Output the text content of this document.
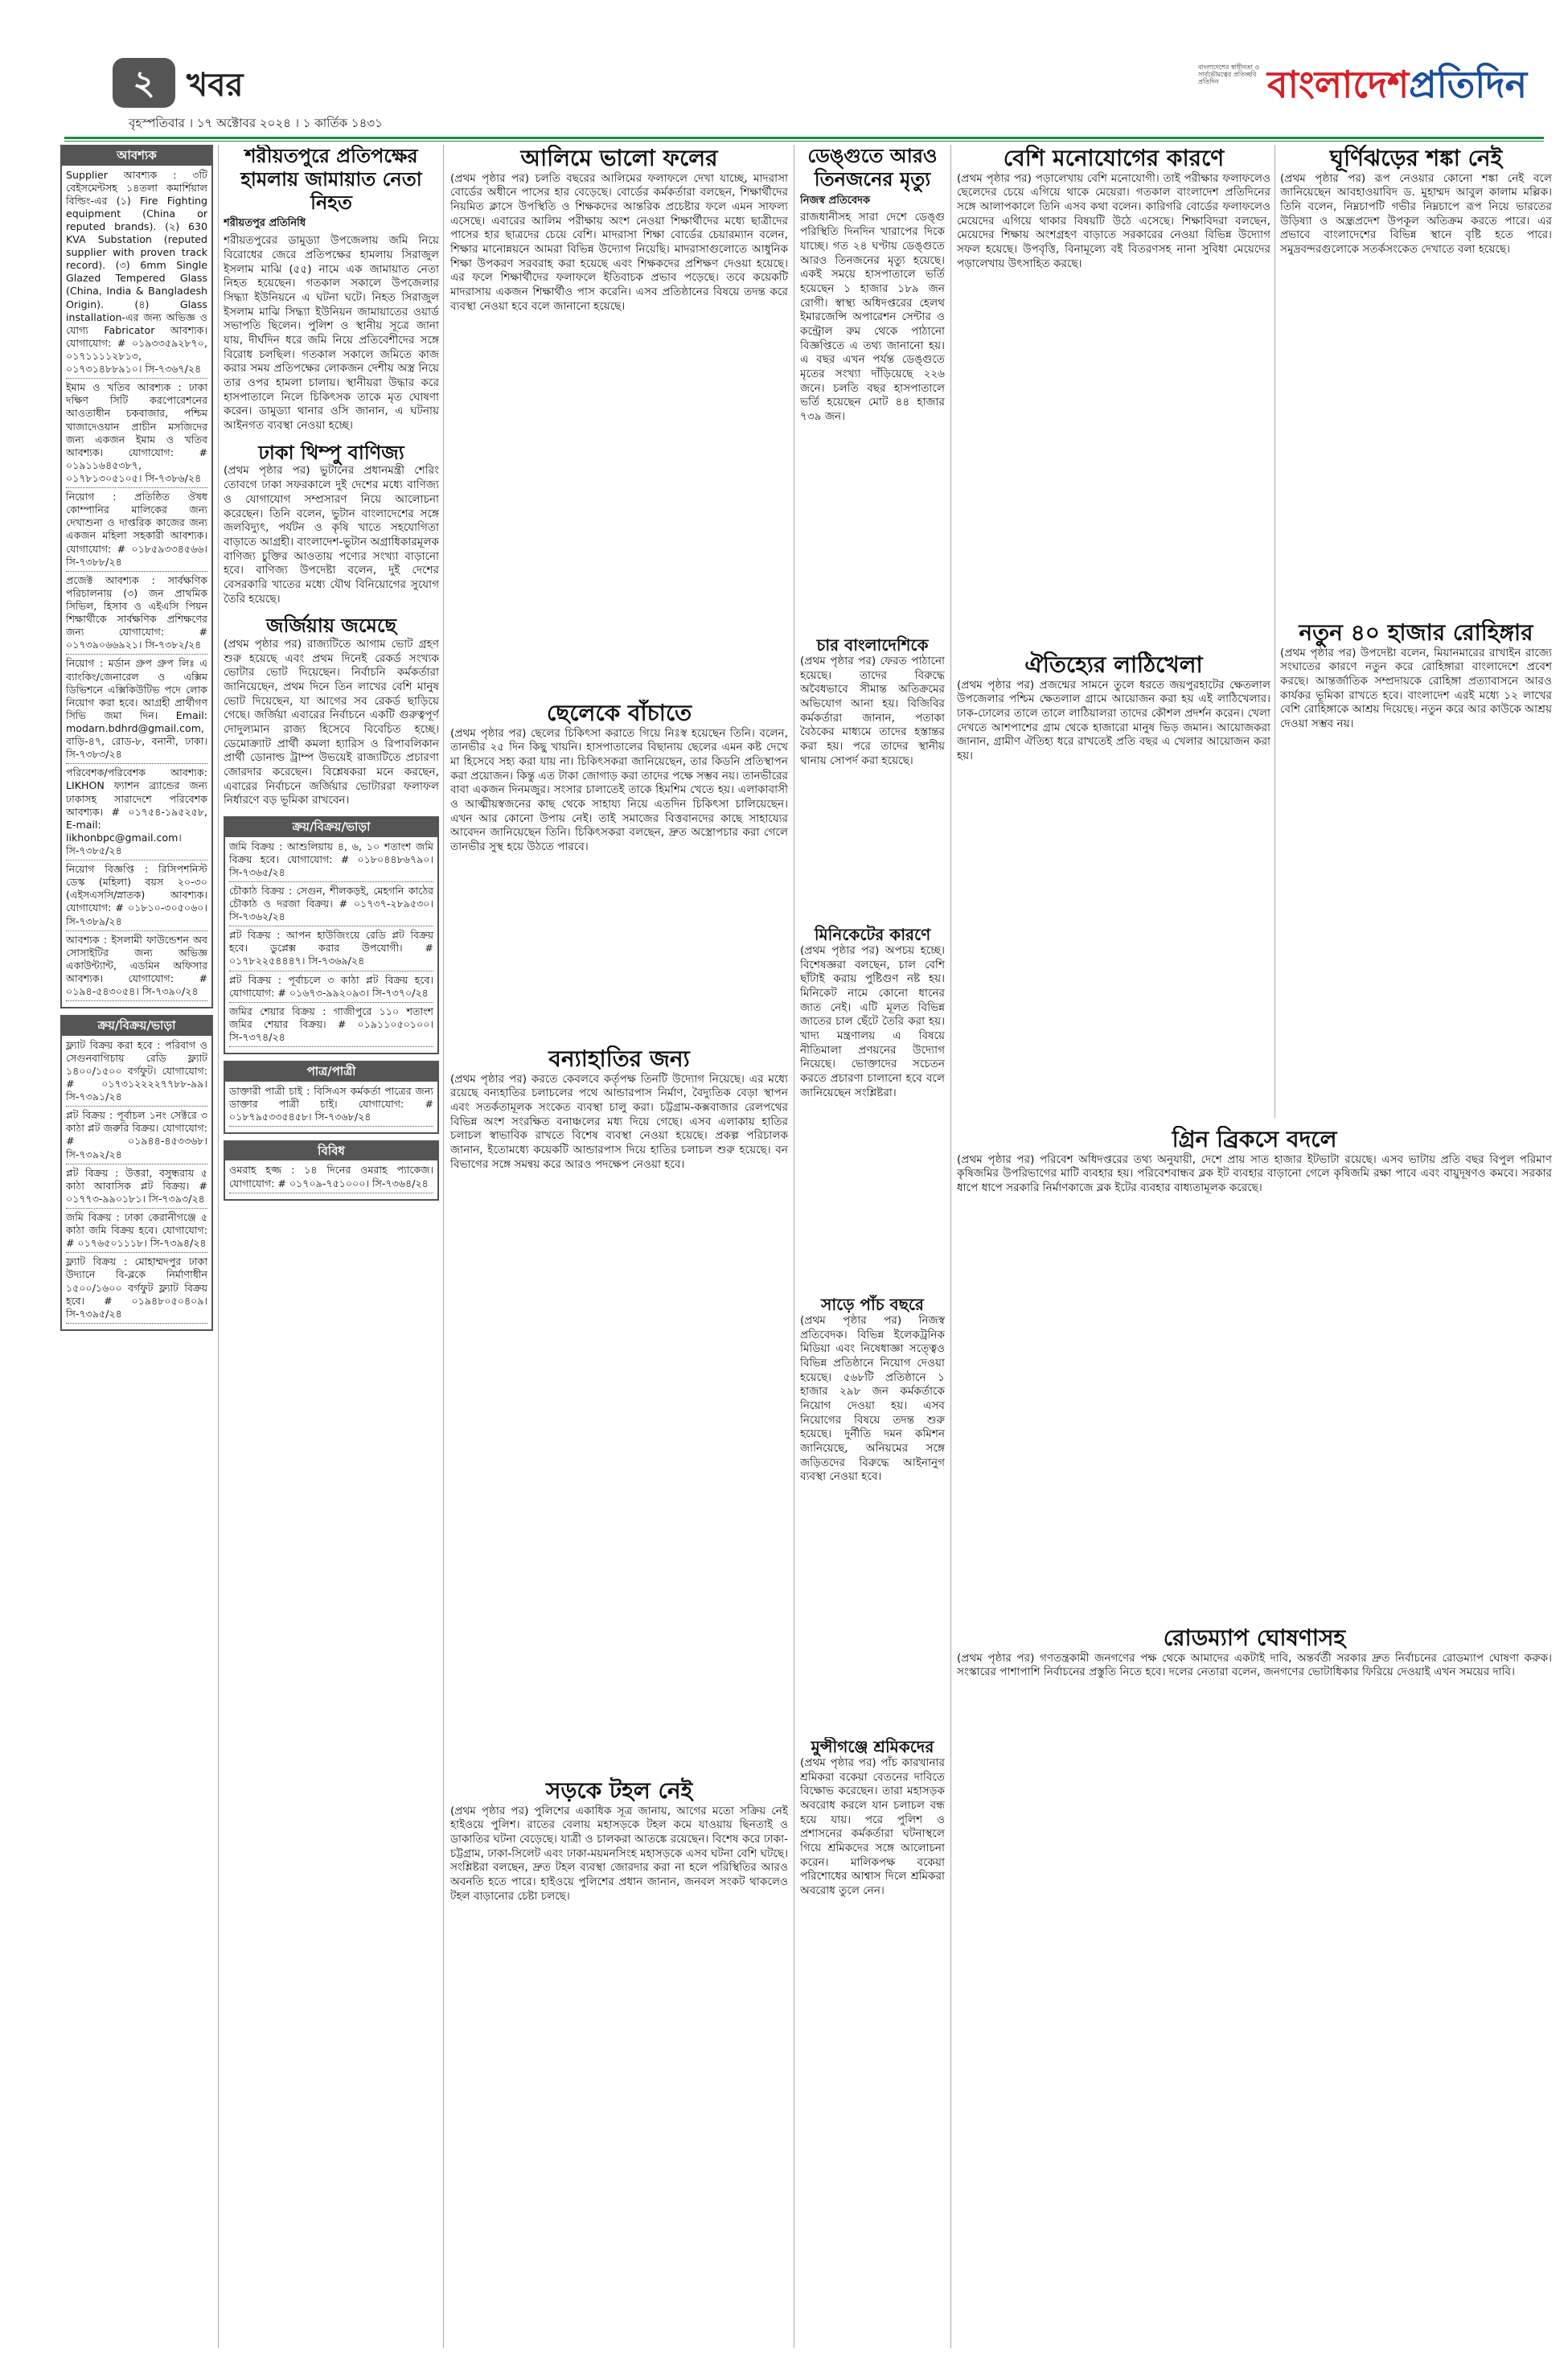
২ খবর
বৃহস্পতিবার । ১৭ অক্টোবর ২০২৪ । ১ কার্তিক ১৪৩১
বাংলাদেশের স্বাধীনতা ও সার্বভৌমত্বের প্রতিচ্ছবি প্রতিদিন	বাংলাদেশপ্রতিদিন
আবশ্যক
Supplier আবশ্যক : ৩টি বেইসমেন্টসহ ১৪তলা কমার্শিয়াল বিল্ডিং-এর (১) Fire Fighting equipment (China or reputed brands). (২) 630 KVA Substation (reputed supplier with proven track record). (৩) 6mm Single Glazed Tempered Glass (China, India & Bangladesh Origin). (৪) Glass installation-এর জন্য অভিজ্ঞ ও যোগ্য Fabricator আবশ্যক। যোগাযোগ: # ০১৯৩৩৫৯২৮৭০, ০১৭১১১১২৮১৩, ০১৭৩১৪৮৮৯১০। সি-৭৩৬৭/২৪
ইমাম ও খতিব আবশ্যক : ঢাকা দক্ষিণ সিটি করপোরেশনের আওতাধীন চকবাজার, পশ্চিম খাজাদেওয়ান প্রাচীন মসজিদের জন্য একজন ইমাম ও খতিব আবশ্যক। যোগাযোগ: # ০১৯১১৬৪৫৩৮৭, ০১৭৮১৩০৫১০৫। সি-৭৩৮৬/২৪
নিয়োগ : প্রতিষ্ঠিত ঔষধ কোম্পানির মালিকের জন্য দেখাশুনা ও দাপ্তরিক কাজের জন্য একজন মহিলা সহকারী আবশ্যক। যোগাযোগ: # ০১৮৫৯৩৩৪৫৬৬। সি-৭৩৮৮/২৪
প্রজেক্ট আবশ্যক : সার্বক্ষণিক পরিচালনায় (৩) জন প্রাথমিক সিভিল, হিসাব ও এইএসি পিয়ন শিক্ষার্থীকে সার্বক্ষণিক প্রশিক্ষণের জন্য যোগাযোগ: # ০১৭৩৯০৬৬৯২১। সি-৭৩৮২/২৪
নিয়োগ : মর্ডান গ্রুপ গ্রুপ লিঃ এ ব্যাংকিং/জেনারেল ও এক্সিম ডিভিশনে এক্সিকিউটিভ পদে লোক নিয়োগ করা হবে। আগ্রহী প্রার্থীগণ সিভি জমা দিন। Email: modarn.bdhrd@gmail.com, বাড়ি-৪৭, রোড-৮, বনানী, ঢাকা। সি-৭৩৮৩/২৪
পরিবেশক/পরিবেশক আবশ্যক: LIKHON ফ্যাশন ব্র্যান্ডের জন্য ঢাকাসহ সারাদেশে পরিবেশক আবশ্যক। # ০১৭৫৪-১৯৫২৫৮, E-mail: likhonbpc@gmail.com। সি-৭৩৮৫/২৪
নিয়োগ বিজ্ঞপ্তি : রিসিপশনিস্ট ডেস্ক (মহিলা) বয়স ২০-৩০ (এইসএসসি/স্নাতক) আবশ্যক। যোগাযোগ: # ০১৮১০-৩০৫০৬০। সি-৭৩৮৯/২৪
আবশ্যক : ইসলামী ফাউন্ডেশন অব সোসাইটির জন্য অভিজ্ঞ একাউন্ট্যান্ট, এডমিন অফিসার আবশ্যক। যোগাযোগ: # ০১৯৪-৫৪৩০৫৪। সি-৭৩৯০/২৪
ক্রয়/বিক্রয়/ভাড়া
ফ্ল্যাট বিক্রয় করা হবে : পরিবাগ ও সেগুনবাগিচায় রেডি ফ্ল্যাট ১৪০০/১৫০০ বর্গফুট। যোগাযোগ: # ০১৭৩১২২২২৭৭৮৮-৯৯। সি-৭৩৯১/২৪
প্লট বিক্রয় : পূর্বাচল ১নং সেক্টরে ৩ কাঠা প্লট জরুরি বিক্রয়। যোগাযোগ: # ০১৯৪৪-৪৫৩৩৬৮। সি-৭৩৯২/২৪
প্লট বিক্রয় : উত্তরা, বসুন্ধরায় ৫ কাঠা আবাসিক প্লট বিক্রয়। # ০১৭৭৩-৯৯০১৮১। সি-৭৩৯৩/২৪
জমি বিক্রয় : ঢাকা কেরানীগঞ্জে ৫ কাঠা জমি বিক্রয় হবে। যোগাযোগ: # ০১৭৬৫০১১১৮। সি-৭৩৯৪/২৪
ফ্ল্যাট বিক্রয় : মোহাম্মদপুর ঢাকা উদ্যানে বি-ব্লকে নির্মাণাধীন ১৫০০/১৬০০ বর্গফুট ফ্ল্যাট বিক্রয় হবে। # ০১৯৪৮০৫০৪০৯। সি-৭৩৯৫/২৪
শরীয়তপুরে প্রতিপক্ষের হামলায় জামায়াত নেতা নিহত
শরীয়তপুর প্রতিনিধি

শরীয়তপুরের ডামুড্যা উপজেলায় জমি নিয়ে বিরোধের জেরে প্রতিপক্ষের হামলায় সিরাজুল ইসলাম মাঝি (৫৫) নামে এক জামায়াত নেতা নিহত হয়েছেন। গতকাল সকালে উপজেলার সিদ্ধ্যা ইউনিয়নে এ ঘটনা ঘটে। নিহত সিরাজুল ইসলাম মাঝি সিদ্ধ্যা ইউনিয়ন জামায়াতের ওয়ার্ড সভাপতি ছিলেন। পুলিশ ও স্থানীয় সূত্রে জানা যায়, দীর্ঘদিন ধরে জমি নিয়ে প্রতিবেশীদের সঙ্গে বিরোধ চলছিল। গতকাল সকালে জমিতে কাজ করার সময় প্রতিপক্ষের লোকজন দেশীয় অস্ত্র নিয়ে তার ওপর হামলা চালায়। স্থানীয়রা উদ্ধার করে হাসপাতালে নিলে চিকিৎসক তাকে মৃত ঘোষণা করেন। ডামুড্যা থানার ওসি জানান, এ ঘটনায় আইনগত ব্যবস্থা নেওয়া হচ্ছে।

ঢাকা থিম্পু বাণিজ্য

(প্রথম পৃষ্ঠার পর) ভুটানের প্রধানমন্ত্রী শেরিং তোবগে ঢাকা সফরকালে দুই দেশের মধ্যে বাণিজ্য ও যোগাযোগ সম্প্রসারণ নিয়ে আলোচনা করেছেন। তিনি বলেন, ভুটান বাংলাদেশের সঙ্গে জলবিদ্যুৎ, পর্যটন ও কৃষি খাতে সহযোগিতা বাড়াতে আগ্রহী। বাংলাদেশ-ভুটান অগ্রাধিকারমূলক বাণিজ্য চুক্তির আওতায় পণ্যের সংখ্যা বাড়ানো হবে। বাণিজ্য উপদেষ্টা বলেন, দুই দেশের বেসরকারি খাতের মধ্যে যৌথ বিনিয়োগের সুযোগ তৈরি হয়েছে।

জর্জিয়ায় জমেছে

(প্রথম পৃষ্ঠার পর) রাজ্যটিতে আগাম ভোট গ্রহণ শুরু হয়েছে এবং প্রথম দিনেই রেকর্ড সংখ্যক ভোটার ভোট দিয়েছেন। নির্বাচনি কর্মকর্তারা জানিয়েছেন, প্রথম দিনে তিন লাখের বেশি মানুষ ভোট দিয়েছেন, যা আগের সব রেকর্ড ছাড়িয়ে গেছে। জর্জিয়া এবারের নির্বাচনে একটি গুরুত্বপূর্ণ দোদুল্যমান রাজ্য হিসেবে বিবেচিত হচ্ছে। ডেমোক্র্যাট প্রার্থী কমলা হ্যারিস ও রিপাবলিকান প্রার্থী ডোনাল্ড ট্রাম্প উভয়েই রাজ্যটিতে প্রচারণা জোরদার করেছেন। বিশ্লেষকরা মনে করছেন, এবারের নির্বাচনে জর্জিয়ার ভোটাররা ফলাফল নির্ধারণে বড় ভূমিকা রাখবেন।

ক্রয়/বিক্রয়/ভাড়া
জমি বিক্রয় : আশুলিয়ায় ৪, ৬, ১০ শতাংশ জমি বিক্রয় হবে। যোগাযোগ: # ০১৮০৪৪৮৬৭৯০। সি-৭৩৬৫/২৪
চৌকাঠ বিক্রয় : সেগুন, শীলকড়ই, মেহগনি কাঠের চৌকাঠ ও দরজা বিক্রয়। # ০১৭৩৭-২৮৯৫৩০। সি-৭৩৬২/২৪
প্লট বিক্রয় : আপন হাউজিংয়ে রেডি প্লট বিক্রয় হবে। ডুপ্লেক্স করার উপযোগী। # ০১৭৮২২৫৪৪৪৭। সি-৭৩৬৯/২৪
প্লট বিক্রয় : পূর্বাচলে ৩ কাঠা প্লট বিক্রয় হবে। যোগাযোগ: # ০১৬৭৩-৯৯২০৯৩। সি-৭৩৭০/২৪
জমির শেয়ার বিক্রয় : গাজীপুরে ১১০ শতাংশ জমির শেয়ার বিক্রয়। # ০১৯১১০৫০১০০। সি-৭৩৭৪/২৪
পাত্র/পাত্রী
ডাক্তারী পাত্রী চাই : বিসিএস কর্মকর্তা পাত্রের জন্য ডাক্তার পাত্রী চাই। যোগাযোগ: # ০১৮৭৯৫৩৩৫৪৫৮। সি-৭৩৬৮/২৪
বিবিধ
ওমরাহ হজ্জ : ১৪ দিনের ওমরাহ প্যাকেজ। যোগাযোগ: # ০১৭০৯-৭৫১০০০। সি-৭৩৬৪/২৪
আলিমে ভালো ফলের

(প্রথম পৃষ্ঠার পর) চলতি বছরের আলিমের ফলাফলে দেখা যাচ্ছে, মাদরাসা বোর্ডের অধীনে পাসের হার বেড়েছে। বোর্ডের কর্মকর্তারা বলছেন, শিক্ষার্থীদের নিয়মিত ক্লাসে উপস্থিতি ও শিক্ষকদের আন্তরিক প্রচেষ্টার ফলে এমন সাফল্য এসেছে। এবারের আলিম পরীক্ষায় অংশ নেওয়া শিক্ষার্থীদের মধ্যে ছাত্রীদের পাসের হার ছাত্রদের চেয়ে বেশি। মাদরাসা শিক্ষা বোর্ডের চেয়ারম্যান বলেন, শিক্ষার মানোন্নয়নে আমরা বিভিন্ন উদ্যোগ নিয়েছি। মাদরাসাগুলোতে আধুনিক শিক্ষা উপকরণ সরবরাহ করা হয়েছে এবং শিক্ষকদের প্রশিক্ষণ দেওয়া হয়েছে। এর ফলে শিক্ষার্থীদের ফলাফলে ইতিবাচক প্রভাব পড়েছে। তবে কয়েকটি মাদরাসায় একজন শিক্ষার্থীও পাস করেনি। এসব প্রতিষ্ঠানের বিষয়ে তদন্ত করে ব্যবস্থা নেওয়া হবে বলে জানানো হয়েছে।

ছেলেকে বাঁচাতে

(প্রথম পৃষ্ঠার পর) ছেলের চিকিৎসা করাতে গিয়ে নিঃস্ব হয়েছেন তিনি। বলেন, তানভীর ২৫ দিন কিছু খায়নি। হাসপাতালের বিছানায় ছেলের এমন কষ্ট দেখে মা হিসেবে সহ্য করা যায় না। চিকিৎসকরা জানিয়েছেন, তার কিডনি প্রতিস্থাপন করা প্রয়োজন। কিন্তু এত টাকা জোগাড় করা তাদের পক্ষে সম্ভব নয়। তানভীরের বাবা একজন দিনমজুর। সংসার চালাতেই তাকে হিমশিম খেতে হয়। এলাকাবাসী ও আত্মীয়স্বজনের কাছ থেকে সাহায্য নিয়ে এতদিন চিকিৎসা চালিয়েছেন। এখন আর কোনো উপায় নেই। তাই সমাজের বিত্তবানদের কাছে সাহায্যের আবেদন জানিয়েছেন তিনি। চিকিৎসকরা বলছেন, দ্রুত অস্ত্রোপচার করা গেলে তানভীর সুস্থ হয়ে উঠতে পারবে।

বন্যাহাতির জন্য

(প্রথম পৃষ্ঠার পর) করতে কেবলবে কর্তৃপক্ষ তিনটি উদ্যোগ নিয়েছে। এর মধ্যে রয়েছে বন্যহাতির চলাচলের পথে আন্ডারপাস নির্মাণ, বৈদ্যুতিক বেড়া স্থাপন এবং সতর্কতামূলক সংকেত ব্যবস্থা চালু করা। চট্টগ্রাম-কক্সবাজার রেলপথের বিভিন্ন অংশ সংরক্ষিত বনাঞ্চলের মধ্য দিয়ে গেছে। এসব এলাকায় হাতির চলাচল স্বাভাবিক রাখতে বিশেষ ব্যবস্থা নেওয়া হয়েছে। প্রকল্প পরিচালক জানান, ইতোমধ্যে কয়েকটি আন্ডারপাস দিয়ে হাতির চলাচল শুরু হয়েছে। বন বিভাগের সঙ্গে সমন্বয় করে আরও পদক্ষেপ নেওয়া হবে।

সড়কে টহল নেই

(প্রথম পৃষ্ঠার পর) পুলিশের একাধিক সূত্র জানায়, আগের মতো সক্রিয় নেই হাইওয়ে পুলিশ। রাতের বেলায় মহাসড়কে টহল কমে যাওয়ায় ছিনতাই ও ডাকাতির ঘটনা বেড়েছে। যাত্রী ও চালকরা আতঙ্কে রয়েছেন। বিশেষ করে ঢাকা-চট্টগ্রাম, ঢাকা-সিলেট এবং ঢাকা-ময়মনসিংহ মহাসড়কে এসব ঘটনা বেশি ঘটছে। সংশ্লিষ্টরা বলছেন, দ্রুত টহল ব্যবস্থা জোরদার করা না হলে পরিস্থিতির আরও অবনতি হতে পারে। হাইওয়ে পুলিশের প্রধান জানান, জনবল সংকট থাকলেও টহল বাড়ানোর চেষ্টা চলছে।

ডেঙ্গুতে আরও তিনজনের মৃত্যু
নিজস্ব প্রতিবেদক

রাজধানীসহ সারা দেশে ডেঙ্গু পরিস্থিতি দিনদিন খারাপের দিকে যাচ্ছে। গত ২৪ ঘণ্টায় ডেঙ্গুতে আরও তিনজনের মৃত্যু হয়েছে। একই সময়ে হাসপাতালে ভর্তি হয়েছেন ১ হাজার ১৮৯ জন রোগী। স্বাস্থ্য অধিদপ্তরের হেলথ ইমারজেন্সি অপারেশন সেন্টার ও কন্ট্রোল রুম থেকে পাঠানো বিজ্ঞপ্তিতে এ তথ্য জানানো হয়। এ বছর এখন পর্যন্ত ডেঙ্গুতে মৃতের সংখ্যা দাঁড়িয়েছে ২২৬ জনে। চলতি বছর হাসপাতালে ভর্তি হয়েছেন মোট ৪৪ হাজার ৭৩৯ জন।

চার বাংলাদেশিকে

(প্রথম পৃষ্ঠার পর) ফেরত পাঠানো হয়েছে। তাদের বিরুদ্ধে অবৈধভাবে সীমান্ত অতিক্রমের অভিযোগ আনা হয়। বিজিবির কর্মকর্তারা জানান, পতাকা বৈঠকের মাধ্যমে তাদের হস্তান্তর করা হয়। পরে তাদের স্থানীয় থানায় সোপর্দ করা হয়েছে।

মিনিকেটের কারণে

(প্রথম পৃষ্ঠার পর) অপচয় হচ্ছে। বিশেষজ্ঞরা বলছেন, চাল বেশি ছাঁটাই করায় পুষ্টিগুণ নষ্ট হয়। মিনিকেট নামে কোনো ধানের জাত নেই। এটি মূলত বিভিন্ন জাতের চাল ছেঁটে তৈরি করা হয়। খাদ্য মন্ত্রণালয় এ বিষয়ে নীতিমালা প্রণয়নের উদ্যোগ নিয়েছে। ভোক্তাদের সচেতন করতে প্রচারণা চালানো হবে বলে জানিয়েছেন সংশ্লিষ্টরা।

সাড়ে পাঁচ বছরে

(প্রথম পৃষ্ঠার পর) নিজস্ব প্রতিবেদক। বিভিন্ন ইলেকট্রনিক মিডিয়া এবং নিষেধাজ্ঞা সত্ত্বেও বিভিন্ন প্রতিষ্ঠানে নিয়োগ দেওয়া হয়েছে। ৫৬৮টি প্রতিষ্ঠানে ১ হাজার ২৯৮ জন কর্মকর্তাকে নিয়োগ দেওয়া হয়। এসব নিয়োগের বিষয়ে তদন্ত শুরু হয়েছে। দুর্নীতি দমন কমিশন জানিয়েছে, অনিয়মের সঙ্গে জড়িতদের বিরুদ্ধে আইনানুগ ব্যবস্থা নেওয়া হবে।

মুন্সীগঞ্জে শ্রমিকদের

(প্রথম পৃষ্ঠার পর) পাঁচ কারখানার শ্রমিকরা বকেয়া বেতনের দাবিতে বিক্ষোভ করেছেন। তারা মহাসড়ক অবরোধ করলে যান চলাচল বন্ধ হয়ে যায়। পরে পুলিশ ও প্রশাসনের কর্মকর্তারা ঘটনাস্থলে গিয়ে শ্রমিকদের সঙ্গে আলোচনা করেন। মালিকপক্ষ বকেয়া পরিশোধের আশ্বাস দিলে শ্রমিকরা অবরোধ তুলে নেন।

বেশি মনোযোগের কারণে

(প্রথম পৃষ্ঠার পর) পড়ালেখায় বেশি মনোযোগী। তাই পরীক্ষার ফলাফলেও ছেলেদের চেয়ে এগিয়ে থাকে মেয়েরা। গতকাল বাংলাদেশ প্রতিদিনের সঙ্গে আলাপকালে তিনি এসব কথা বলেন। কারিগরি বোর্ডের ফলাফলেও মেয়েদের এগিয়ে থাকার বিষয়টি উঠে এসেছে। শিক্ষাবিদরা বলছেন, মেয়েদের শিক্ষায় অংশগ্রহণ বাড়াতে সরকারের নেওয়া বিভিন্ন উদ্যোগ সফল হয়েছে। উপবৃত্তি, বিনামূল্যে বই বিতরণসহ নানা সুবিধা মেয়েদের পড়ালেখায় উৎসাহিত করছে।

ঐতিহ্যের লাঠিখেলা

(প্রথম পৃষ্ঠার পর) প্রজন্মের সামনে তুলে ধরতে জয়পুরহাটের ক্ষেতলাল উপজেলার পশ্চিম ক্ষেতলাল গ্রামে আয়োজন করা হয় এই লাঠিখেলার। ঢাক-ঢোলের তালে তালে লাঠিয়ালরা তাদের কৌশল প্রদর্শন করেন। খেলা দেখতে আশপাশের গ্রাম থেকে হাজারো মানুষ ভিড় জমান। আয়োজকরা জানান, গ্রামীণ ঐতিহ্য ধরে রাখতেই প্রতি বছর এ খেলার আয়োজন করা হয়।

গ্রিন ব্রিকসে বদলে

(প্রথম পৃষ্ঠার পর) পরিবেশ অধিদপ্তরের তথ্য অনুযায়ী, দেশে প্রায় সাত হাজার ইটভাটা রয়েছে। এসব ভাটায় প্রতি বছর বিপুল পরিমাণ কৃষিজমির উপরিভাগের মাটি ব্যবহার হয়। পরিবেশবান্ধব ব্লক ইট ব্যবহার বাড়ানো গেলে কৃষিজমি রক্ষা পাবে এবং বায়ুদূষণও কমবে। সরকার ধাপে ধাপে সরকারি নির্মাণকাজে ব্লক ইটের ব্যবহার বাধ্যতামূলক করেছে।

রোডম্যাপ ঘোষণাসহ

(প্রথম পৃষ্ঠার পর) গণতন্ত্রকামী জনগণের পক্ষ থেকে আমাদের একটাই দাবি, অন্তর্বর্তী সরকার দ্রুত নির্বাচনের রোডম্যাপ ঘোষণা করুক। সংস্কারের পাশাপাশি নির্বাচনের প্রস্তুতি নিতে হবে। দলের নেতারা বলেন, জনগণের ভোটাধিকার ফিরিয়ে দেওয়াই এখন সময়ের দাবি।

ঘূর্ণিঝড়ের শঙ্কা নেই

(প্রথম পৃষ্ঠার পর) রূপ নেওয়ার কোনো শঙ্কা নেই বলে জানিয়েছেন আবহাওয়াবিদ ড. মুহাম্মদ আবুল কালাম মল্লিক। তিনি বলেন, নিম্নচাপটি গভীর নিম্নচাপে রূপ নিয়ে ভারতের উড়িষ্যা ও অন্ধ্রপ্রদেশ উপকূল অতিক্রম করতে পারে। এর প্রভাবে বাংলাদেশের বিভিন্ন স্থানে বৃষ্টি হতে পারে। সমুদ্রবন্দরগুলোকে সতর্কসংকেত দেখাতে বলা হয়েছে।

নতুন ৪০ হাজার রোহিঙ্গার

(প্রথম পৃষ্ঠার পর) উপদেষ্টা বলেন, মিয়ানমারের রাখাইন রাজ্যে সংঘাতের কারণে নতুন করে রোহিঙ্গারা বাংলাদেশে প্রবেশ করছে। আন্তর্জাতিক সম্প্রদায়কে রোহিঙ্গা প্রত্যাবাসনে আরও কার্যকর ভূমিকা রাখতে হবে। বাংলাদেশ এরই মধ্যে ১২ লাখের বেশি রোহিঙ্গাকে আশ্রয় দিয়েছে। নতুন করে আর কাউকে আশ্রয় দেওয়া সম্ভব নয়।
